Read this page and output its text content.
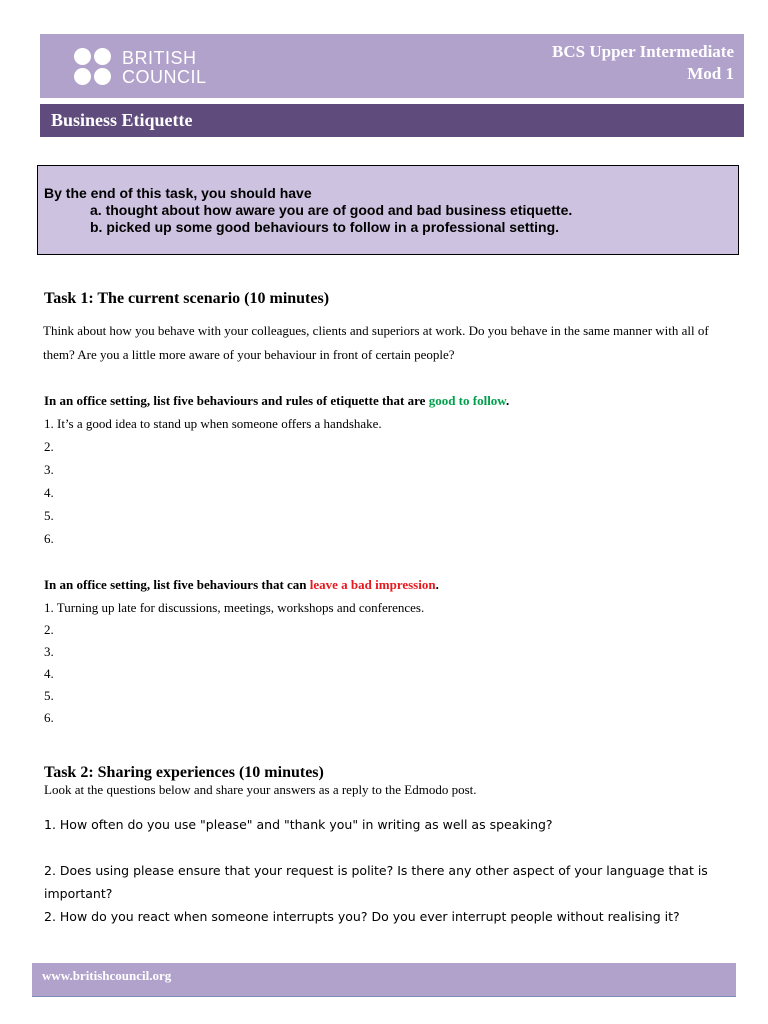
BRITISH
COUNCIL
BCS Upper Intermediate
Mod 1
Business Etiquette
By the end of this task, you should have
a. thought about how aware you are of good and bad business etiquette.
b. picked up some good behaviours to follow in a professional setting.
Task 1: The current scenario (10 minutes)
Think about how you behave with your colleagues, clients and superiors at work. Do you behave in the same manner with all of them? Are you a little more aware of your behaviour in front of certain people?
In an office setting, list five behaviours and rules of etiquette that are good to follow.
1. It’s a good idea to stand up when someone offers a handshake.
2.
3.
4.
5.
6.
In an office setting, list five behaviours that can leave a bad impression.
1. Turning up late for discussions, meetings, workshops and conferences.
2.
3.
4.
5.
6.
Task 2: Sharing experiences (10 minutes)
Look at the questions below and share your answers as a reply to the Edmodo post.
1. How often do you use "please" and "thank you" in writing as well as speaking?
2. Does using please ensure that your request is polite? Is there any other aspect of your language that is important?
2. How do you react when someone interrupts you? Do you ever interrupt people without realising it?
www.britishcouncil.org
